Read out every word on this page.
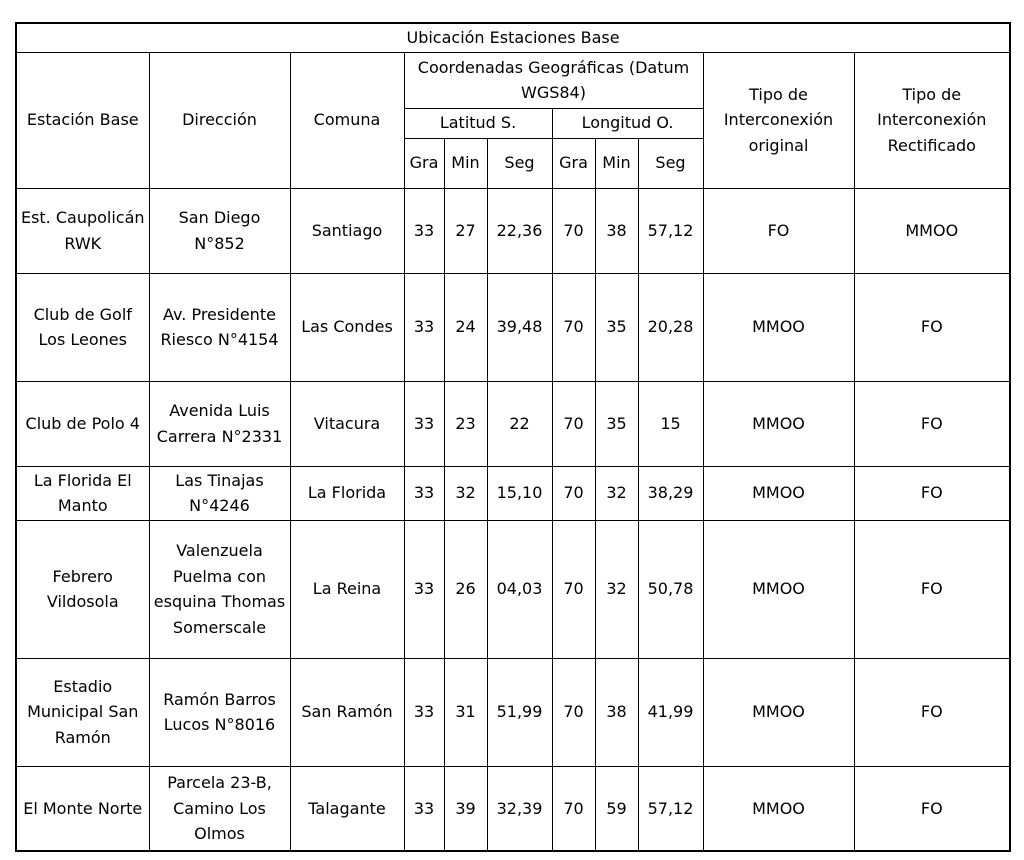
Ubicación Estaciones Base										
Estación Base	Dirección	Comuna	Coordenadas Geográficas (Datum WGS84)						Tipo de Interconexión original	Tipo de Interconexión Rectificado
			Latitud S.			Longitud O.				
			Gra	Min	Seg	Gra	Min	Seg		
Est. Caupolicán RWK	San Diego N°852	Santiago	33	27	22,36	70	38	57,12	FO	MMOO
Club de Golf Los Leones	Av. Presidente Riesco N°4154	Las Condes	33	24	39,48	70	35	20,28	MMOO	FO
Club de Polo 4	Avenida Luis Carrera N°2331	Vitacura	33	23	22	70	35	15	MMOO	FO
La Florida El Manto	Las Tinajas N°4246	La Florida	33	32	15,10	70	32	38,29	MMOO	FO
Febrero Vildosola	Valenzuela Puelma con esquina Thomas Somerscale	La Reina	33	26	04,03	70	32	50,78	MMOO	FO
Estadio Municipal San Ramón	Ramón Barros Lucos N°8016	San Ramón	33	31	51,99	70	38	41,99	MMOO	FO
El Monte Norte	Parcela 23-B, Camino Los Olmos	Talagante	33	39	32,39	70	59	57,12	MMOO	FO
